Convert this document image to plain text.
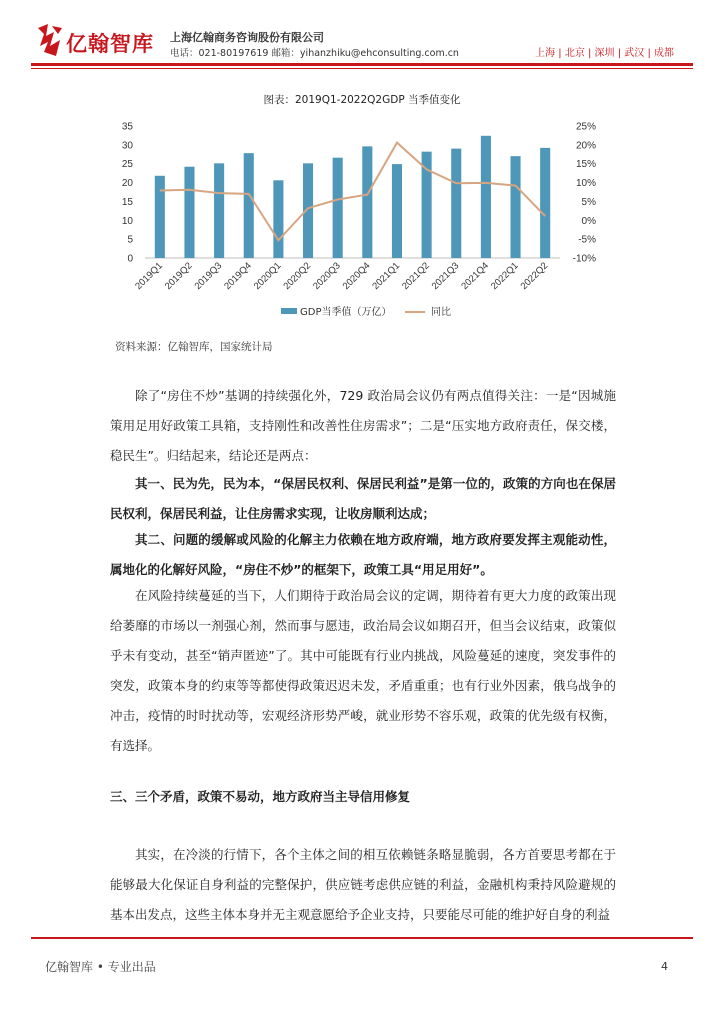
亿翰智库 上海亿翰商务咨询股份有限公司
电话：021-80197619 邮箱：yihanzhiku@ehconsulting.com.cn	上海 | 北京 | 深圳 | 武汉 | 成都
图表：2019Q1-2022Q2GDP 当季值变化
0
5
10
15
20
25
30
35
-10%
-5%
0%
5%
10%
15%
20%
25%
2019Q1
2019Q2
2019Q3
2019Q4
2020Q1
2020Q2
2020Q3
2020Q4
2021Q1
2021Q2
2021Q3
2021Q4
2022Q1
2022Q2
GDP当季值（万亿）	同比
资料来源：亿翰智库，国家统计局

除了“房住不炒”基调的持续强化外，729 政治局会议仍有两点值得关注：一是“因城施策用足用好政策工具箱，支持刚性和改善性住房需求”；二是“压实地方政府责任，保交楼，稳民生”。归结起来，结论还是两点：

其一、民为先，民为本，“保居民权利、保居民利益”是第一位的，政策的方向也在保居民权利，保居民利益，让住房需求实现，让收房顺利达成；

其二、问题的缓解或风险的化解主力依赖在地方政府端，地方政府要发挥主观能动性，属地化的化解好风险，“房住不炒”的框架下，政策工具“用足用好”。

在风险持续蔓延的当下，人们期待于政治局会议的定调，期待着有更大力度的政策出现给萎靡的市场以一剂强心剂，然而事与愿违，政治局会议如期召开，但当会议结束，政策似乎未有变动，甚至“销声匿迹”了。其中可能既有行业内挑战，风险蔓延的速度，突发事件的突发，政策本身的约束等等都使得政策迟迟未发，矛盾重重；也有行业外因素，俄乌战争的冲击，疫情的时时扰动等，宏观经济形势严峻，就业形势不容乐观，政策的优先级有权衡，有选择。

三、三个矛盾，政策不易动，地方政府当主导信用修复

其实，在冷淡的行情下，各个主体之间的相互依赖链条略显脆弱，各方首要思考都在于能够最大化保证自身利益的完整保护，供应链考虑供应链的利益，金融机构秉持风险避规的基本出发点，这些主体本身并无主观意愿给予企业支持，只要能尽可能的维护好自身的利益

亿翰智库 • 专业出品	4
